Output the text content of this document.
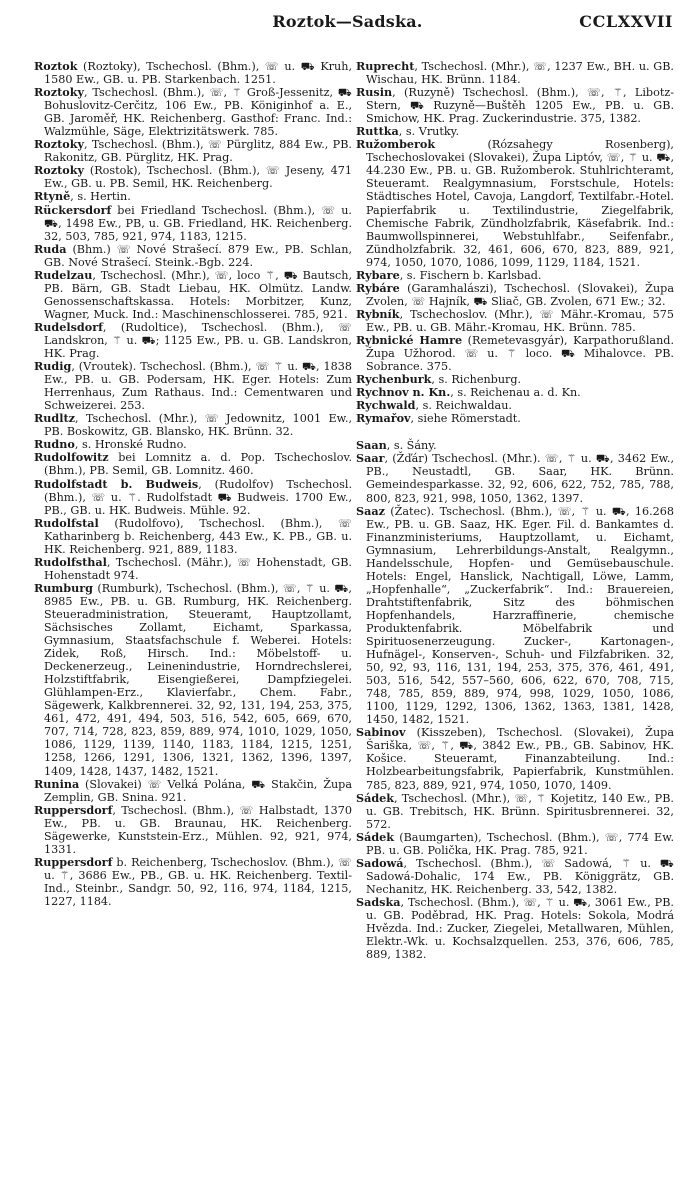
Roztok—Sadska.	CCLXXVII
Roztok (Roztoky), Tschechosl. (Bhm.), ☏ u. ⛟ Kruh, 1580 Ew., GB. u. PB. Starkenbach. 1251.
Roztoky, Tschechosl. (Bhm.), ☏, ⚚ Groß-Jessenitz, ⛟ Bohuslovitz-Cerčitz, 106 Ew., PB. Königinhof a. E., GB. Jaroměř, HK. Reichenberg. Gasthof: Franc. Ind.: Walzmühle, Säge, Elektrizitätswerk. 785.
Roztoky, Tschechosl. (Bhm.), ☏ Pürglitz, 884 Ew., PB. Rakonitz, GB. Pürglitz, HK. Prag.
Roztoky (Rostok), Tschechosl. (Bhm.), ☏ Jeseny, 471 Ew., GB. u. PB. Semil, HK. Reichenberg.
Rtyně, s. Hertin.
Rückersdorf bei Friedland Tschechosl. (Bhm.), ☏ u. ⛟, 1498 Ew., PB, u. GB. Friedland, HK. Reichenberg. 32, 503, 785, 921, 974, 1183, 1215.
Ruda (Bhm.) ☏ Nové Strašecí. 879 Ew., PB. Schlan, GB. Nové Strašecí. Steink.-Bgb. 224.
Rudelzau, Tschechosl. (Mhr.), ☏, loco ⚚, ⛟ Bautsch, PB. Bärn, GB. Stadt Liebau, HK. Olmütz. Landw. Genossenschaftskassa. Hotels: Morbitzer, Kunz, Wagner, Muck. Ind.: Maschinenschlosserei. 785, 921.
Rudelsdorf, (Rudoltice), Tschechosl. (Bhm.), ☏ Landskron, ⚚ u. ⛟; 1125 Ew., PB. u. GB. Landskron, HK. Prag.
Rudig, (Vroutek). Tschechosl. (Bhm.), ☏ ⚚ u. ⛟, 1838 Ew., PB. u. GB. Podersam, HK. Eger. Hotels: Zum Herrenhaus, Zum Rathaus. Ind.: Cementwaren und Schweizerei. 253.
Rudltz, Tschechosl. (Mhr.), ☏ Jedownitz, 1001 Ew., PB. Boskowitz, GB. Blansko, HK. Brünn. 32.
Rudno, s. Hronské Rudno.
Rudolfowitz bei Lomnitz a. d. Pop. Tschechoslov. (Bhm.), PB. Semil, GB. Lomnitz. 460.
Rudolfstadt b. Budweis, (Rudolfov) Tschechosl. (Bhm.), ☏ u. ⚚. Rudolfstadt ⛟ Budweis. 1700 Ew., PB., GB. u. HK. Budweis. Mühle. 92.
Rudolfstal (Rudolfovo), Tschechosl. (Bhm.), ☏ Katharinberg b. Reichenberg, 443 Ew., K. PB., GB. u. HK. Reichenberg. 921, 889, 1183.
Rudolfsthal, Tschechosl. (Mähr.), ☏ Hohenstadt, GB. Hohenstadt 974.
Rumburg (Rumburk), Tschechosl. (Bhm.), ☏, ⚚ u. ⛟, 8985 Ew., PB. u. GB. Rumburg, HK. Reichenberg. Steueradministration, Steueramt, Hauptzollamt, Sächsisches Zollamt, Eichamt, Sparkassa, Gymnasium, Staatsfachschule f. Weberei. Hotels: Zidek, Roß, Hirsch. Ind.: Möbelstoff- u. Deckenerzeug., Leinenindustrie, Horndrechslerei, Holzstiftfabrik, Eisengießerei, Dampfziegelei. Glühlampen-Erz., Klavierfabr., Chem. Fabr., Sägewerk, Kalkbrennerei. 32, 92, 131, 194, 253, 375, 461, 472, 491, 494, 503, 516, 542, 605, 669, 670, 707, 714, 728, 823, 859, 889, 974, 1010, 1029, 1050, 1086, 1129, 1139, 1140, 1183, 1184, 1215, 1251, 1258, 1266, 1291, 1306, 1321, 1362, 1396, 1397, 1409, 1428, 1437, 1482, 1521.
Runina (Slovakei) ☏ Velká Polána, ⛟ Stakčin, Župa Zemplin, GB. Snina. 921.
Ruppersdorf, Tschechosl. (Bhm.), ☏ Halbstadt, 1370 Ew., PB. u. GB. Braunau, HK. Reichenberg. Sägewerke, Kunststein-Erz., Mühlen. 92, 921, 974, 1331.
Ruppersdorf b. Reichenberg, Tschechoslov. (Bhm.), ☏ u. ⚚, 3686 Ew., PB., GB. u. HK. Reichenberg. Textil-Ind., Steinbr., Sandgr. 50, 92, 116, 974, 1184, 1215, 1227, 1184.
Ruprecht, Tschechosl. (Mhr.), ☏, 1237 Ew., BH. u. GB. Wischau, HK. Brünn. 1184.
Rusin, (Ruzyně) Tschechosl. (Bhm.), ☏, ⚚, Libotz-Stern, ⛟ Ruzyně—Buštěh 1205 Ew., PB. u. GB. Smichow, HK. Prag. Zuckerindustrie. 375, 1382.
Ruttka, s. Vrutky.
Ružomberok (Rózsahegy Rosenberg), Tschechoslovakei (Slovakei), Župa Liptóv, ☏, ⚚ u. ⛟, 44.230 Ew., PB. u. GB. Ružomberok. Stuhlrichteramt, Steueramt. Realgymnasium, Forstschule, Hotels: Städtisches Hotel, Cavoja, Langdorf, Textilfabr.-Hotel. Papierfabrik u. Textilindustrie, Ziegelfabrik, Chemische Fabrik, Zündholzfabrik, Käsefabrik. Ind.: Baumwollspinnerei, Webstuhlfabr., Seifenfabr., Zündholzfabrik. 32, 461, 606, 670, 823, 889, 921, 974, 1050, 1070, 1086, 1099, 1129, 1184, 1521.
Rybare, s. Fischern b. Karlsbad.
Rybáre (Garamhalászi), Tschechosl. (Slovakei), Župa Zvolen, ☏ Hajník, ⛟ Sliač, GB. Zvolen, 671 Ew.; 32.
Rybník, Tschechoslov. (Mhr.), ☏ Mähr.-Kromau, 575 Ew., PB. u. GB. Mähr.-Kromau, HK. Brünn. 785.
Rybnické Hamre (Remetevasgyár), Karpathorußland. Župa Užhorod. ☏ u. ⚚ loco. ⛟ Mihalovce. PB. Sobrance. 375.
Rychenburk, s. Richenburg.
Rychnov n. Kn., s. Reichenau a. d. Kn.
Rychwald, s. Reichwaldau.
Rymařov, siehe Römerstadt.
Saan, s. Šány.
Saar, (Žďár) Tschechosl. (Mhr.). ☏, ⚚ u. ⛟, 3462 Ew., PB., Neustadtl, GB. Saar, HK. Brünn. Gemeindesparkasse. 32, 92, 606, 622, 752, 785, 788, 800, 823, 921, 998, 1050, 1362, 1397.
Saaz (Žatec). Tschechosl. (Bhm.), ☏, ⚚ u. ⛟, 16.268 Ew., PB. u. GB. Saaz, HK. Eger. Fil. d. Bankamtes d. Finanzministeriums, Hauptzollamt, u. Eichamt, Gymnasium, Lehrerbildungs-Anstalt, Realgymn., Handelsschule, Hopfen- und Gemüsebauschule. Hotels: Engel, Hanslick, Nachtigall, Löwe, Lamm, „Hopfenhalle“, „Zuckerfabrik“. Ind.: Brauereien, Drahtstiftenfabrik, Sitz des böhmischen Hopfenhandels, Harzraffinerie, chemische Produktenfabrik. Möbelfabrik und Spirituosenerzeugung. Zucker-, Kartonagen-, Hufnägel-, Konserven-, Schuh- und Filzfabriken. 32, 50, 92, 93, 116, 131, 194, 253, 375, 376, 461, 491, 503, 516, 542, 557–560, 606, 622, 670, 708, 715, 748, 785, 859, 889, 974, 998, 1029, 1050, 1086, 1100, 1129, 1292, 1306, 1362, 1363, 1381, 1428, 1450, 1482, 1521.
Sabinov (Kisszeben), Tschechosl. (Slovakei), Župa Šariška, ☏, ⚚, ⛟, 3842 Ew., PB., GB. Sabinov, HK. Košice. Steueramt, Finanzabteilung. Ind.: Holzbearbeitungsfabrik, Papierfabrik, Kunstmühlen. 785, 823, 889, 921, 974, 1050, 1070, 1409.
Sádek, Tschechosl. (Mhr.), ☏, ⚚ Kojetitz, 140 Ew., PB. u. GB. Trebitsch, HK. Brünn. Spiritusbrennerei. 32, 572.
Sádek (Baumgarten), Tschechosl. (Bhm.), ☏, 774 Ew. PB. u. GB. Polička, HK. Prag. 785, 921.
Sadowá, Tschechosl. (Bhm.), ☏ Sadowá, ⚚ u. ⛟ Sadowá-Dohalic, 174 Ew., PB. Königgrätz, GB. Nechanitz, HK. Reichenberg. 33, 542, 1382.
Sadska, Tschechosl. (Bhm.), ☏, ⚚ u. ⛟, 3061 Ew., PB. u. GB. Poděbrad, HK. Prag. Hotels: Sokola, Modrá Hvězda. Ind.: Zucker, Ziegelei, Metallwaren, Mühlen, Elektr.-Wk. u. Kochsalzquellen. 253, 376, 606, 785, 889, 1382.
